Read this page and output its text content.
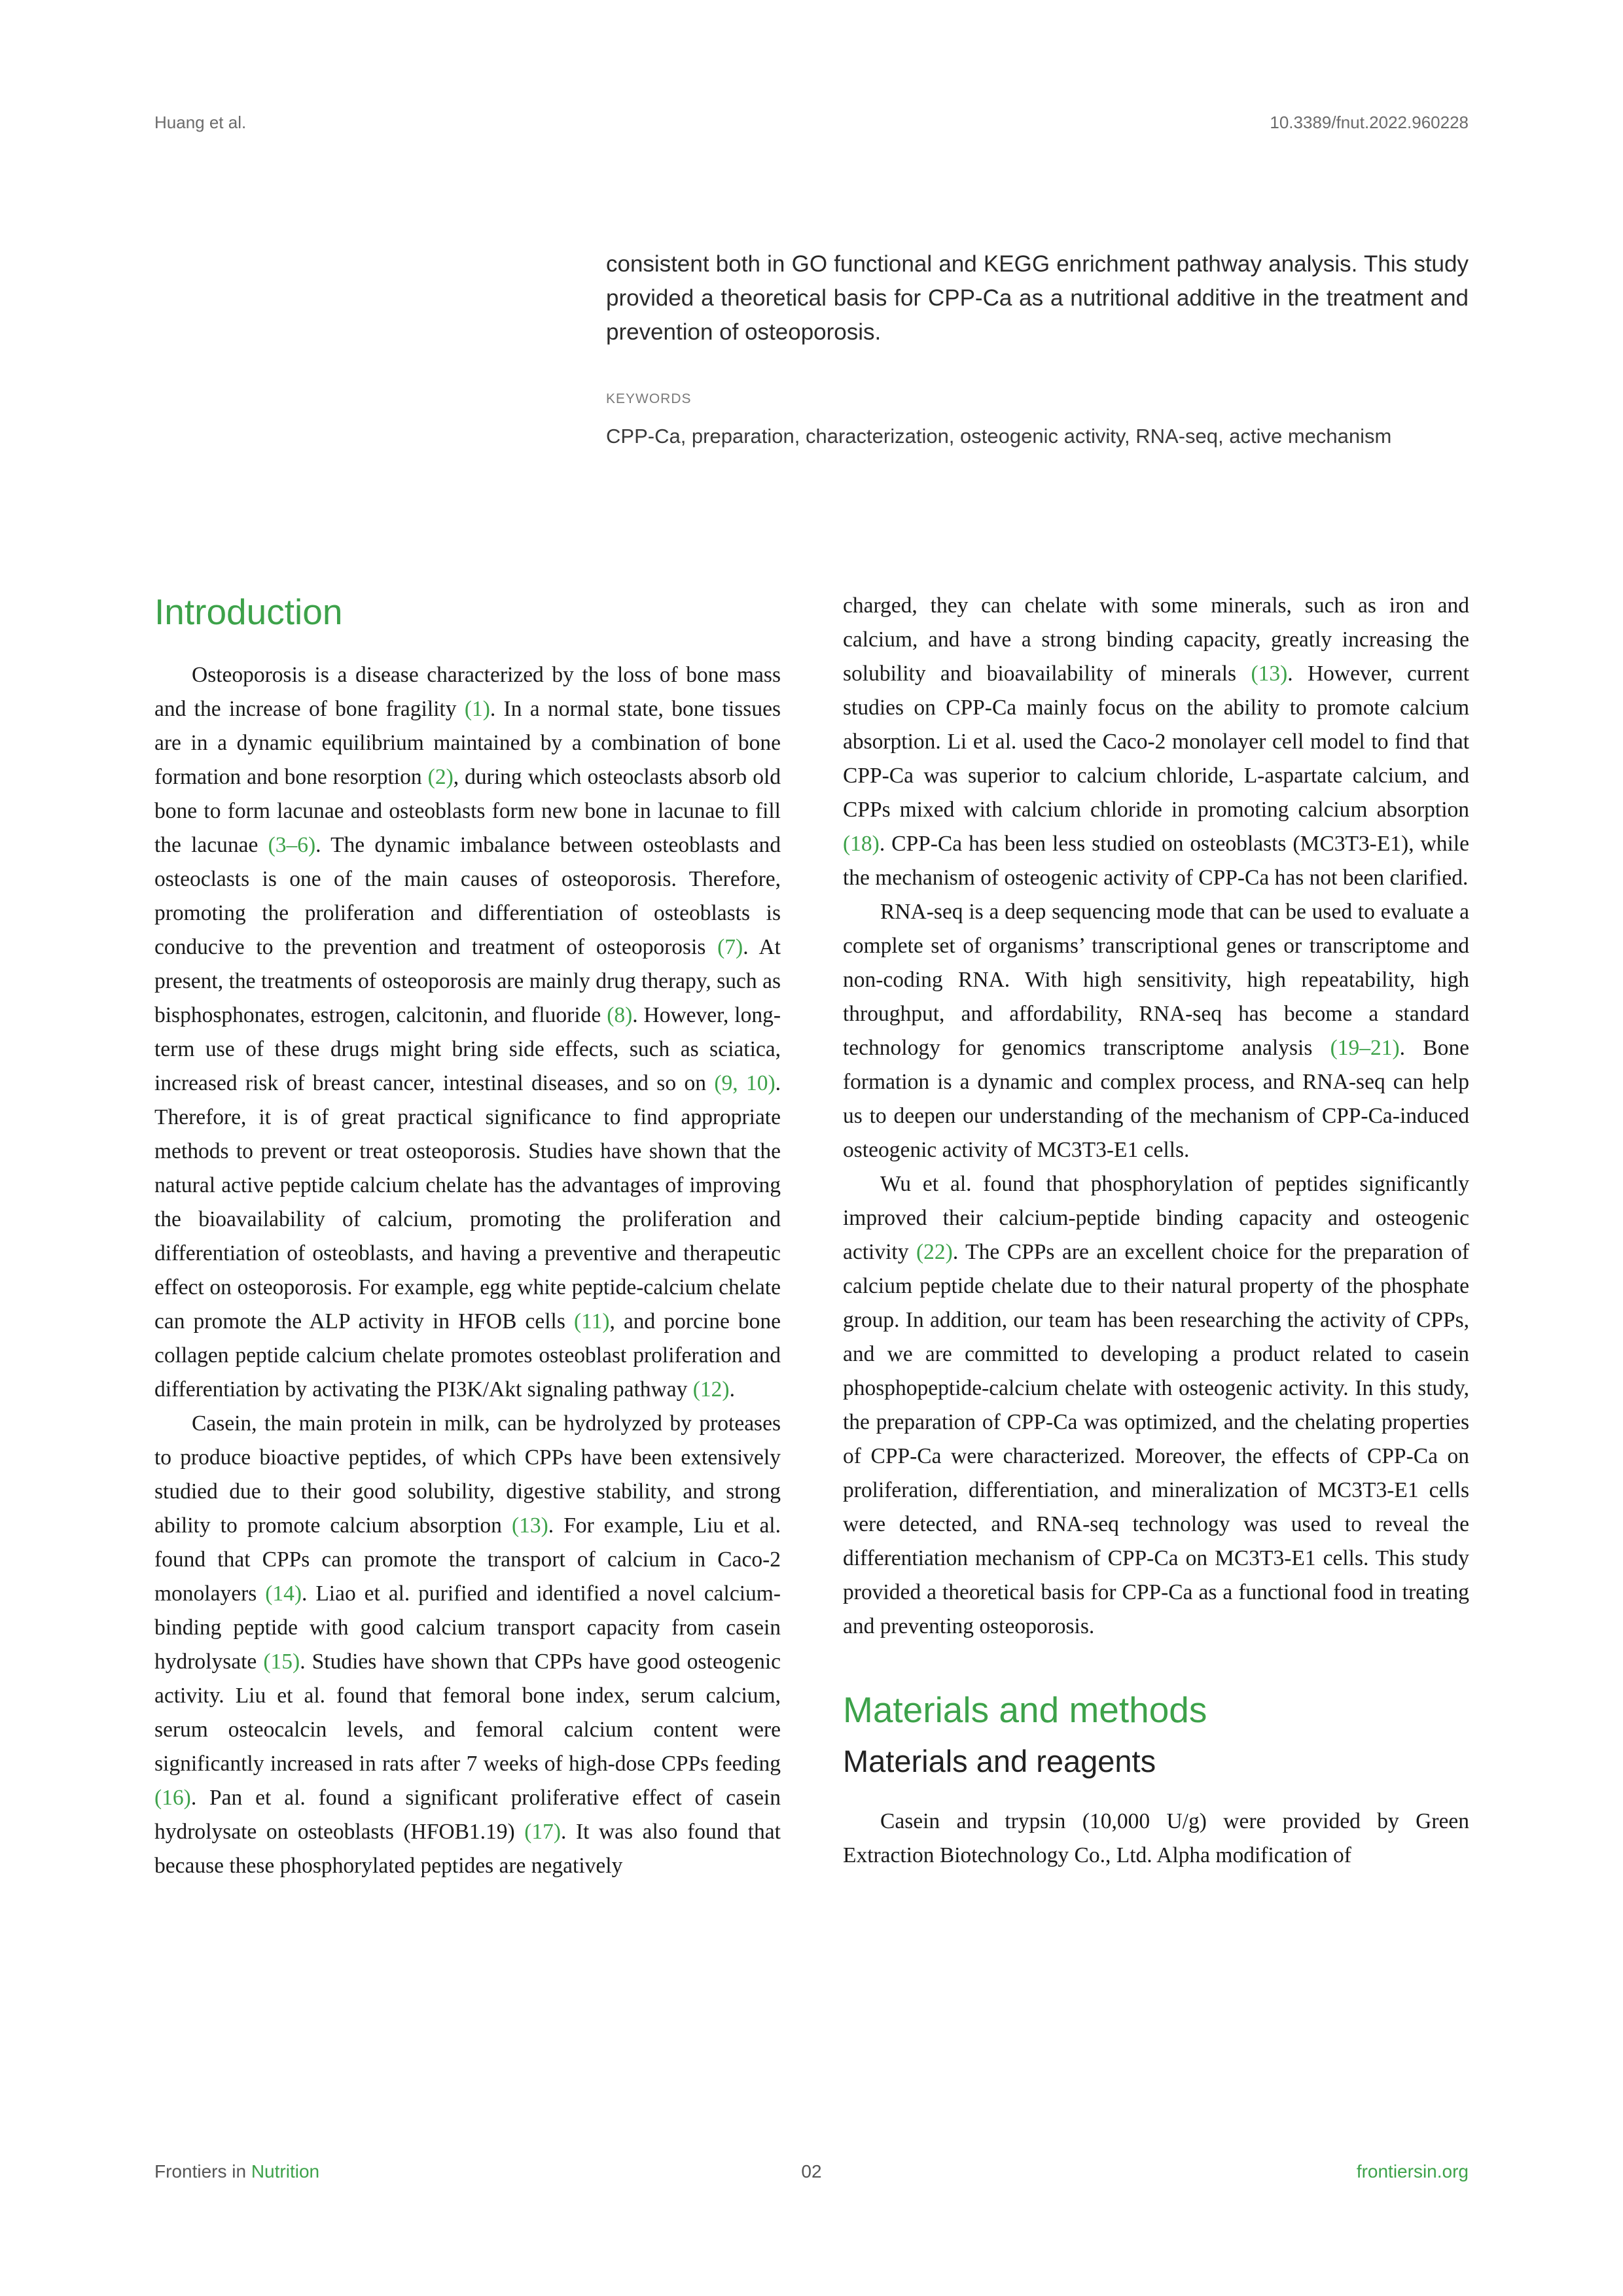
Huang et al.	10.3389/fnut.2022.960228
consistent both in GO functional and KEGG enrichment pathway analysis. This study provided a theoretical basis for CPP-Ca as a nutritional additive in the treatment and prevention of osteoporosis.
KEYWORDS
CPP-Ca, preparation, characterization, osteogenic activity, RNA-seq, active mechanism
Introduction

Osteoporosis is a disease characterized by the loss of bone mass and the increase of bone fragility (1). In a normal state, bone tissues are in a dynamic equilibrium maintained by a combination of bone formation and bone resorption (2), during which osteoclasts absorb old bone to form lacunae and osteoblasts form new bone in lacunae to fill the lacunae (3–6). The dynamic imbalance between osteoblasts and osteoclasts is one of the main causes of osteoporosis. Therefore, promoting the proliferation and differentiation of osteoblasts is conducive to the prevention and treatment of osteoporosis (7). At present, the treatments of osteoporosis are mainly drug therapy, such as bisphosphonates, estrogen, calcitonin, and fluoride (8). However, long-term use of these drugs might bring side effects, such as sciatica, increased risk of breast cancer, intestinal diseases, and so on (9, 10). Therefore, it is of great practical significance to find appropriate methods to prevent or treat osteoporosis. Studies have shown that the natural active peptide calcium chelate has the advantages of improving the bioavailability of calcium, promoting the proliferation and differentiation of osteoblasts, and having a preventive and therapeutic effect on osteoporosis. For example, egg white peptide-calcium chelate can promote the ALP activity in HFOB cells (11), and porcine bone collagen peptide calcium chelate promotes osteoblast proliferation and differentiation by activating the PI3K/Akt signaling pathway (12).

Casein, the main protein in milk, can be hydrolyzed by proteases to produce bioactive peptides, of which CPPs have been extensively studied due to their good solubility, digestive stability, and strong ability to promote calcium absorption (13). For example, Liu et al. found that CPPs can promote the transport of calcium in Caco-2 monolayers (14). Liao et al. purified and identified a novel calcium-binding peptide with good calcium transport capacity from casein hydrolysate (15). Studies have shown that CPPs have good osteogenic activity. Liu et al. found that femoral bone index, serum calcium, serum osteocalcin levels, and femoral calcium content were significantly increased in rats after 7 weeks of high-dose CPPs feeding (16). Pan et al. found a significant proliferative effect of casein hydrolysate on osteoblasts (HFOB1.19) (17). It was also found that because these phosphorylated peptides are negatively

charged, they can chelate with some minerals, such as iron and calcium, and have a strong binding capacity, greatly increasing the solubility and bioavailability of minerals (13). However, current studies on CPP-Ca mainly focus on the ability to promote calcium absorption. Li et al. used the Caco-2 monolayer cell model to find that CPP-Ca was superior to calcium chloride, L-aspartate calcium, and CPPs mixed with calcium chloride in promoting calcium absorption (18). CPP-Ca has been less studied on osteoblasts (MC3T3-E1), while the mechanism of osteogenic activity of CPP-Ca has not been clarified.

RNA-seq is a deep sequencing mode that can be used to evaluate a complete set of organisms’ transcriptional genes or transcriptome and non-coding RNA. With high sensitivity, high repeatability, high throughput, and affordability, RNA-seq has become a standard technology for genomics transcriptome analysis (19–21). Bone formation is a dynamic and complex process, and RNA-seq can help us to deepen our understanding of the mechanism of CPP-Ca-induced osteogenic activity of MC3T3-E1 cells.

Wu et al. found that phosphorylation of peptides significantly improved their calcium-peptide binding capacity and osteogenic activity (22). The CPPs are an excellent choice for the preparation of calcium peptide chelate due to their natural property of the phosphate group. In addition, our team has been researching the activity of CPPs, and we are committed to developing a product related to casein phosphopeptide-calcium chelate with osteogenic activity. In this study, the preparation of CPP-Ca was optimized, and the chelating properties of CPP-Ca were characterized. Moreover, the effects of CPP-Ca on proliferation, differentiation, and mineralization of MC3T3-E1 cells were detected, and RNA-seq technology was used to reveal the differentiation mechanism of CPP-Ca on MC3T3-E1 cells. This study provided a theoretical basis for CPP-Ca as a functional food in treating and preventing osteoporosis.

Materials and methods
Materials and reagents

Casein and trypsin (10,000 U/g) were provided by Green Extraction Biotechnology Co., Ltd. Alpha modification of

Frontiers in Nutrition	02	frontiersin.org
